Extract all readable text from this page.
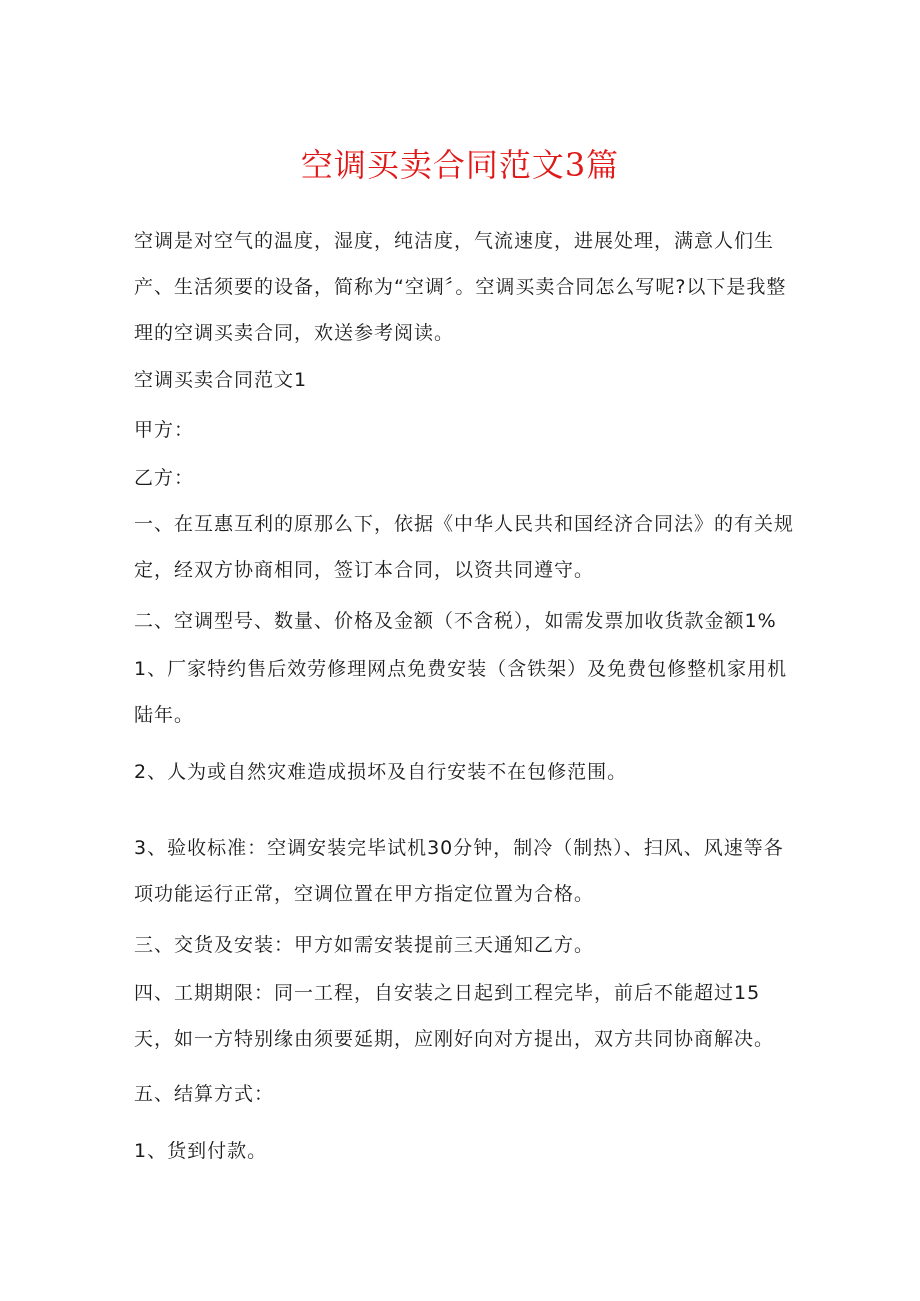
空调买卖合同范文3篇

空调是对空气的温度，湿度，纯洁度，气流速度，进展处理，满意人们生产、生活须要的设备，简称为“空调〞。空调买卖合同怎么写呢?以下是我整理的空调买卖合同，欢送参考阅读。

空调买卖合同范文1

甲方：

乙方：

一、在互惠互利的原那么下，依据《中华人民共和国经济合同法》的有关规定，经双方协商相同，签订本合同，以资共同遵守。

二、空调型号、数量、价格及金额（不含税），如需发票加收货款金额1%

1、厂家特约售后效劳修理网点免费安装（含铁架）及免费包修整机家用机陆年。

2、人为或自然灾难造成损坏及自行安装不在包修范围。

3、验收标准：空调安装完毕试机30分钟，制冷（制热）、扫风、风速等各项功能运行正常，空调位置在甲方指定位置为合格。

三、交货及安装：甲方如需安装提前三天通知乙方。

四、工期期限：同一工程，自安装之日起到工程完毕，前后不能超过15天，如一方特别缘由须要延期，应刚好向对方提出，双方共同协商解决。

五、结算方式：

1、货到付款。
